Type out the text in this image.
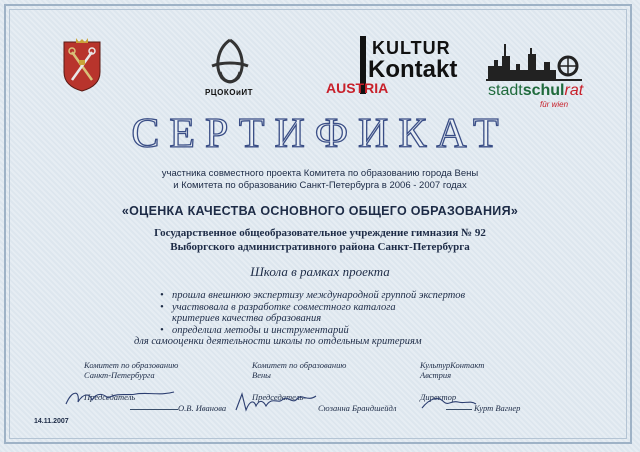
РЦОКОиИТ
KULTUR
Kontakt
AUSTRIA	stadtschulrat
für wien
СЕРТИФИКАТ
участника совместного проекта Комитета по образованию города Вены
и Комитета по образованию Санкт-Петербурга в 2006 - 2007 годах
«ОЦЕНКА КАЧЕСТВА ОСНОВНОГО ОБЩЕГО ОБРАЗОВАНИЯ»
Государственное общеобразовательное учреждение гимназия № 92
Выборгского административного района Санкт-Петербурга
Школа в рамках проекта
• прошла внешнюю экспертизу международной группой экспертов
• участвовала в разработке совместного каталога
критериев качества образования
• определила методы и инструментарий
для самооценки деятельности школы по отдельным критериям
Комитет по образованию
Санкт-Петербурга
Председатель
О.В. Иванова
Комитет по образованию
Вены
Председатель—
Сюзанна Брандшейдл
КультурКонтакт
Австрия
Директор
Курт Вагнер
14.11.2007
